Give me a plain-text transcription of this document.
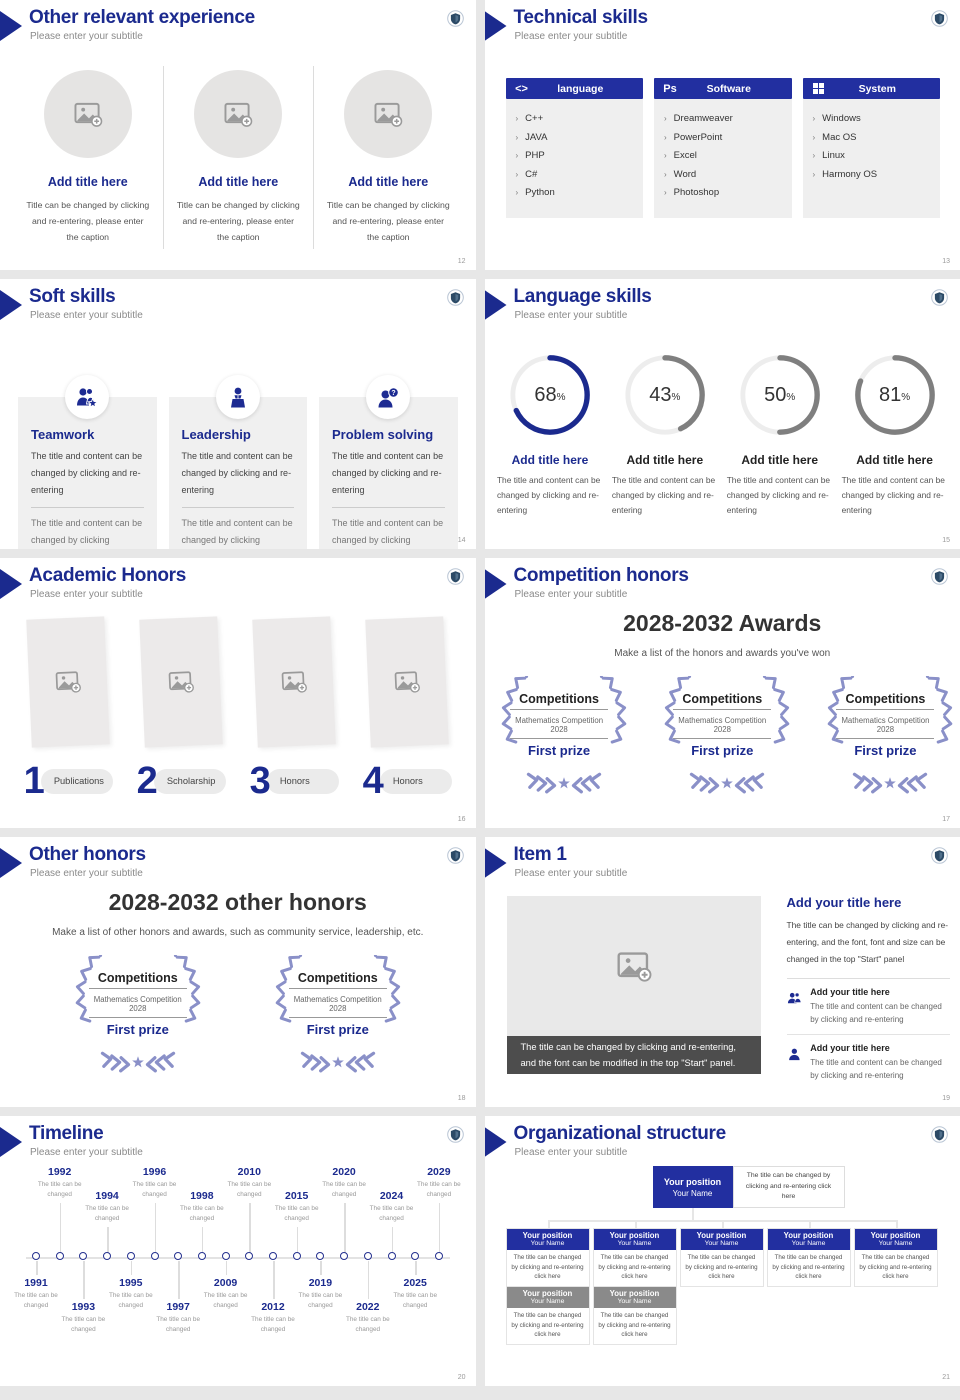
Other relevant experience
Please enter your subtitle
Add title here
Title can be changed by clicking and re-entering, please enter the caption
Add title here
Title can be changed by clicking and re-entering, please enter the caption
Add title here
Title can be changed by clicking and re-entering, please enter the caption
12
Technical skills
Please enter your subtitle
<>	language
› C++
› JAVA
› PHP
› C#
› Python
Ps	Software
› Dreamweaver
› PowerPoint
› Excel
› Word
› Photoshop
System
› Windows
› Mac OS
› Linux
› Harmony OS
13
Soft skills
Please enter your subtitle
Teamwork
The title and content can be changed by clicking and re-entering
The title and content can be changed by clicking
Leadership
The title and content can be changed by clicking and re-entering
The title and content can be changed by clicking
Problem solving
The title and content can be changed by clicking and re-entering
The title and content can be changed by clicking	14
Language skills
Please enter your subtitle
68 %
Add title here
The title and content can be changed by clicking and re-entering
43 %
Add title here
The title and content can be changed by clicking and re-entering
50 %
Add title here
The title and content can be changed by clicking and re-entering
81 %
Add title here
The title and content can be changed by clicking and re-entering
15
Academic Honors
Please enter your subtitle
1 Publications 2 Scholarship 3 Honors	4 Honors
16
Competition honors
Please enter your subtitle
2028-2032 Awards
Make a list of the honors and awards you've won
Competitions
Mathematics Competition
2028
First prize
Competitions
Mathematics Competition
2028
First prize
Competitions
Mathematics Competition
2028
First prize
17
Other honors
Please enter your subtitle
2028-2032 other honors
Make a list of other honors and awards, such as community service, leadership, etc.
Competitions
Mathematics Competition
2028
First prize
Competitions
Mathematics Competition
2028
First prize
18
Item 1
Please enter your subtitle
The title can be changed by clicking and re-entering, and the font can be modified in the top "Start" panel.
Add your title here
The title can be changed by clicking and re-entering, and the font, font and size can be changed in the top "Start" panel
Add your title here
The title and content can be changed by clicking and re-entering
Add your title here
The title and content can be changed by clicking and re-entering
19
Timeline
Please enter your subtitle
1991
The title can be changed
1992
The title can be changed
1993
The title can be changed
1994
The title can be changed
1995
The title can be changed
1996
The title can be changed
1997
The title can be changed
1998
The title can be changed
2009
The title can be changed
2010
The title can be changed
2012
The title can be changed
2015
The title can be changed
2019
The title can be changed
2020
The title can be changed
2022
The title can be changed
2024
The title can be changed
2025
The title can be changed
2029
The title can be changed
20
Organizational structure
Please enter your subtitle
Your position
Your Name
The title can be changed by clicking and re-entering click here
Your position
Your Name
The title can be changed by clicking and re-entering click here
Your position
Your Name
The title can be changed by clicking and re-entering click here
Your position
Your Name
The title can be changed by clicking and re-entering click here
Your position
Your Name
The title can be changed by clicking and re-entering click here
Your position
Your Name
The title can be changed by clicking and re-entering click here
Your position
Your Name
The title can be changed by clicking and re-entering click here
Your position
Your Name
The title can be changed by clicking and re-entering click here
21
